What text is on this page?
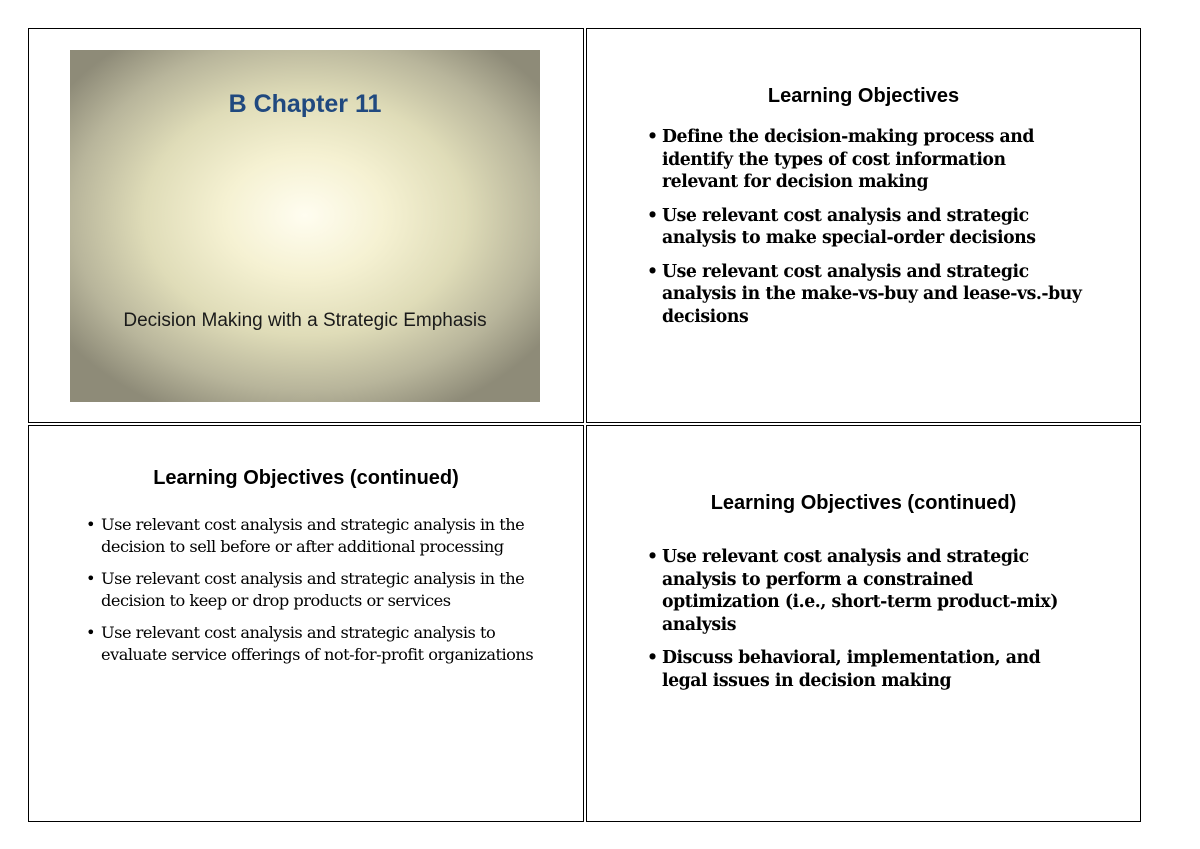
B Chapter 11
Decision Making with a Strategic Emphasis
Learning Objectives
• Define the decision-making process and identify the types of cost information relevant for decision making
• Use relevant cost analysis and strategic analysis to make special-order decisions
• Use relevant cost analysis and strategic analysis in the make-vs-buy and lease-vs.-buy decisions
Learning Objectives (continued)
• Use relevant cost analysis and strategic analysis in the decision to sell before or after additional processing
• Use relevant cost analysis and strategic analysis in the decision to keep or drop products or services
• Use relevant cost analysis and strategic analysis to evaluate service offerings of not-for-profit organizations
Learning Objectives (continued)
• Use relevant cost analysis and strategic analysis to perform a constrained optimization (i.e., short-term product-mix) analysis
• Discuss behavioral, implementation, and legal issues in decision making
